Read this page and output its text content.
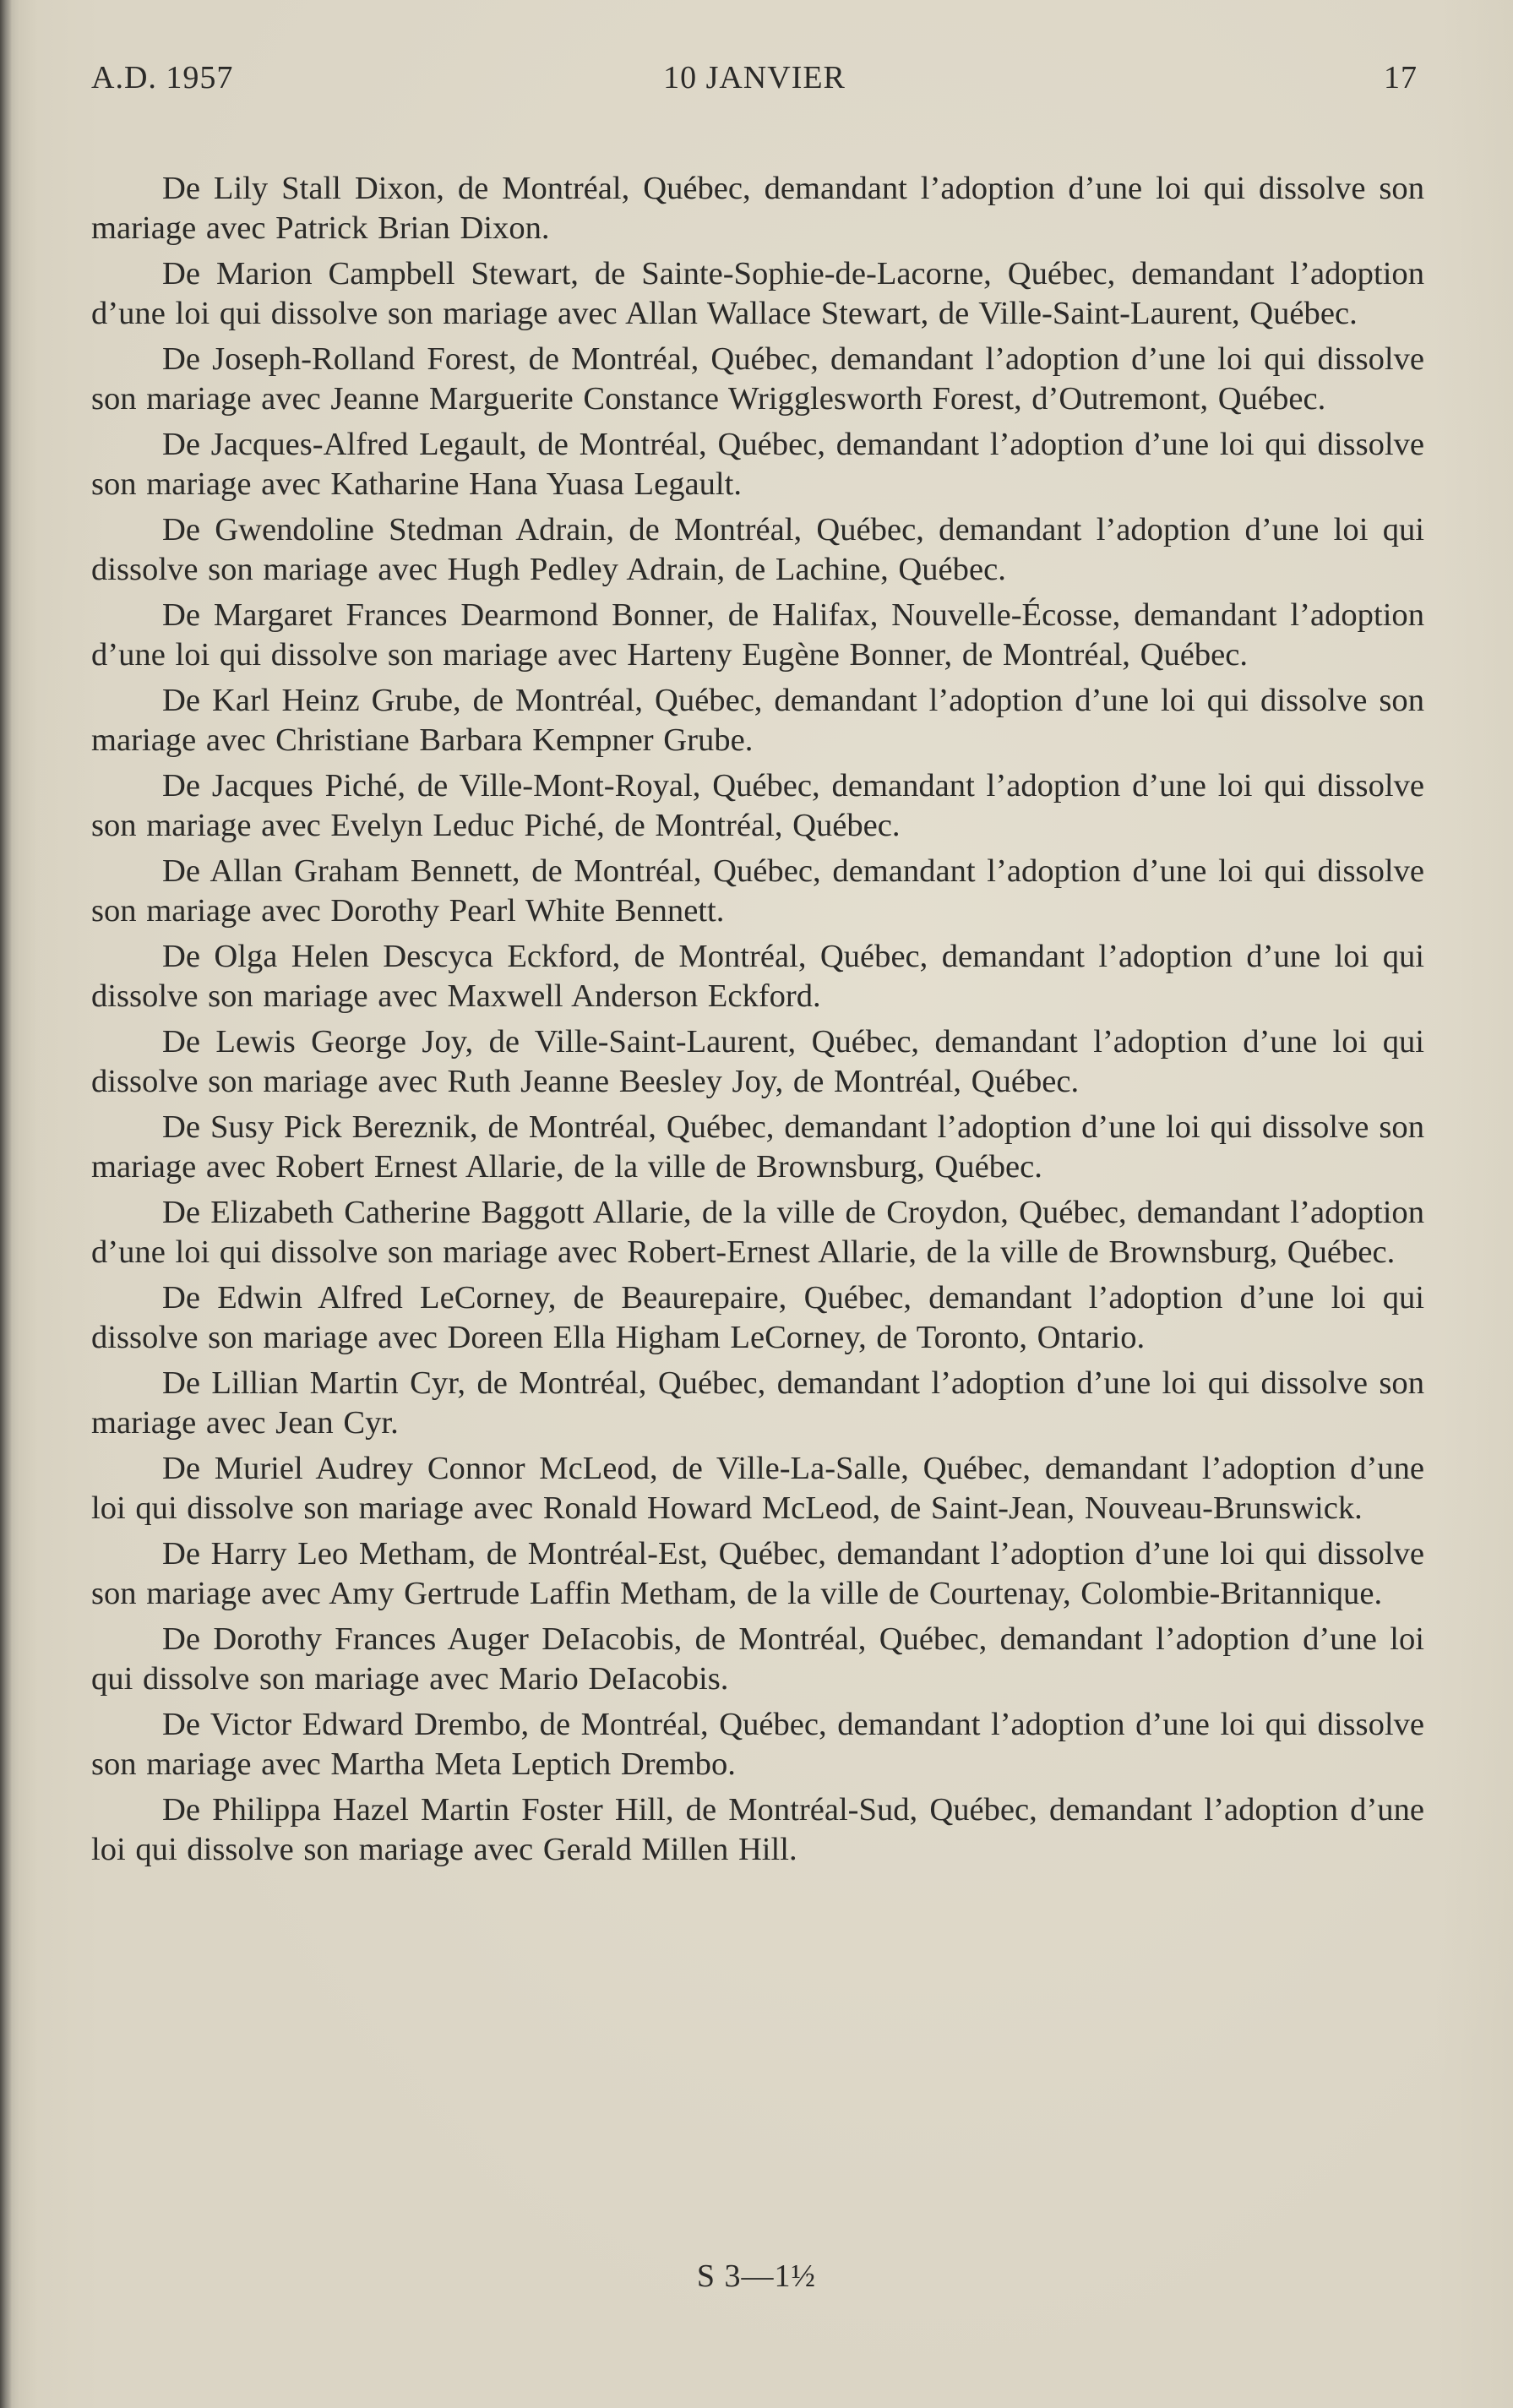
A.D. 1957	10 JANVIER	17

De Lily Stall Dixon, de Montréal, Québec, demandant l’adoption d’une loi qui dissolve son mariage avec Patrick Brian Dixon.

De Marion Campbell Stewart, de Sainte-Sophie-de-Lacorne, Québec, demandant l’adoption d’une loi qui dissolve son mariage avec Allan Wallace Stewart, de Ville-Saint-Laurent, Québec.

De Joseph-Rolland Forest, de Montréal, Québec, demandant l’adoption d’une loi qui dissolve son mariage avec Jeanne Marguerite Constance Wrigglesworth Forest, d’Outremont, Québec.

De Jacques-Alfred Legault, de Montréal, Québec, demandant l’adoption d’une loi qui dissolve son mariage avec Katharine Hana Yuasa Legault.

De Gwendoline Stedman Adrain, de Montréal, Québec, demandant l’adoption d’une loi qui dissolve son mariage avec Hugh Pedley Adrain, de Lachine, Québec.

De Margaret Frances Dearmond Bonner, de Halifax, Nouvelle-Écosse, demandant l’adoption d’une loi qui dissolve son mariage avec Harteny Eugène Bonner, de Montréal, Québec.

De Karl Heinz Grube, de Montréal, Québec, demandant l’adoption d’une loi qui dissolve son mariage avec Christiane Barbara Kempner Grube.

De Jacques Piché, de Ville-Mont-Royal, Québec, demandant l’adoption d’une loi qui dissolve son mariage avec Evelyn Leduc Piché, de Montréal, Québec.

De Allan Graham Bennett, de Montréal, Québec, demandant l’adoption d’une loi qui dissolve son mariage avec Dorothy Pearl White Bennett.

De Olga Helen Descyca Eckford, de Montréal, Québec, demandant l’adoption d’une loi qui dissolve son mariage avec Maxwell Anderson Eckford.

De Lewis George Joy, de Ville-Saint-Laurent, Québec, demandant l’adoption d’une loi qui dissolve son mariage avec Ruth Jeanne Beesley Joy, de Montréal, Québec.

De Susy Pick Bereznik, de Montréal, Québec, demandant l’adoption d’une loi qui dissolve son mariage avec Robert Ernest Allarie, de la ville de Brownsburg, Québec.

De Elizabeth Catherine Baggott Allarie, de la ville de Croydon, Québec, demandant l’adoption d’une loi qui dissolve son mariage avec Robert-Ernest Allarie, de la ville de Brownsburg, Québec.

De Edwin Alfred LeCorney, de Beaurepaire, Québec, demandant l’adoption d’une loi qui dissolve son mariage avec Doreen Ella Higham LeCorney, de Toronto, Ontario.

De Lillian Martin Cyr, de Montréal, Québec, demandant l’adoption d’une loi qui dissolve son mariage avec Jean Cyr.

De Muriel Audrey Connor McLeod, de Ville-La-Salle, Québec, demandant l’adoption d’une loi qui dissolve son mariage avec Ronald Howard McLeod, de Saint-Jean, Nouveau-Brunswick.

De Harry Leo Metham, de Montréal-Est, Québec, demandant l’adoption d’une loi qui dissolve son mariage avec Amy Gertrude Laffin Metham, de la ville de Courtenay, Colombie-Britannique.

De Dorothy Frances Auger DeIacobis, de Montréal, Québec, demandant l’adoption d’une loi qui dissolve son mariage avec Mario DeIacobis.

De Victor Edward Drembo, de Montréal, Québec, demandant l’adoption d’une loi qui dissolve son mariage avec Martha Meta Leptich Drembo.

De Philippa Hazel Martin Foster Hill, de Montréal-Sud, Québec, demandant l’adoption d’une loi qui dissolve son mariage avec Gerald Millen Hill.

S 3—1½
